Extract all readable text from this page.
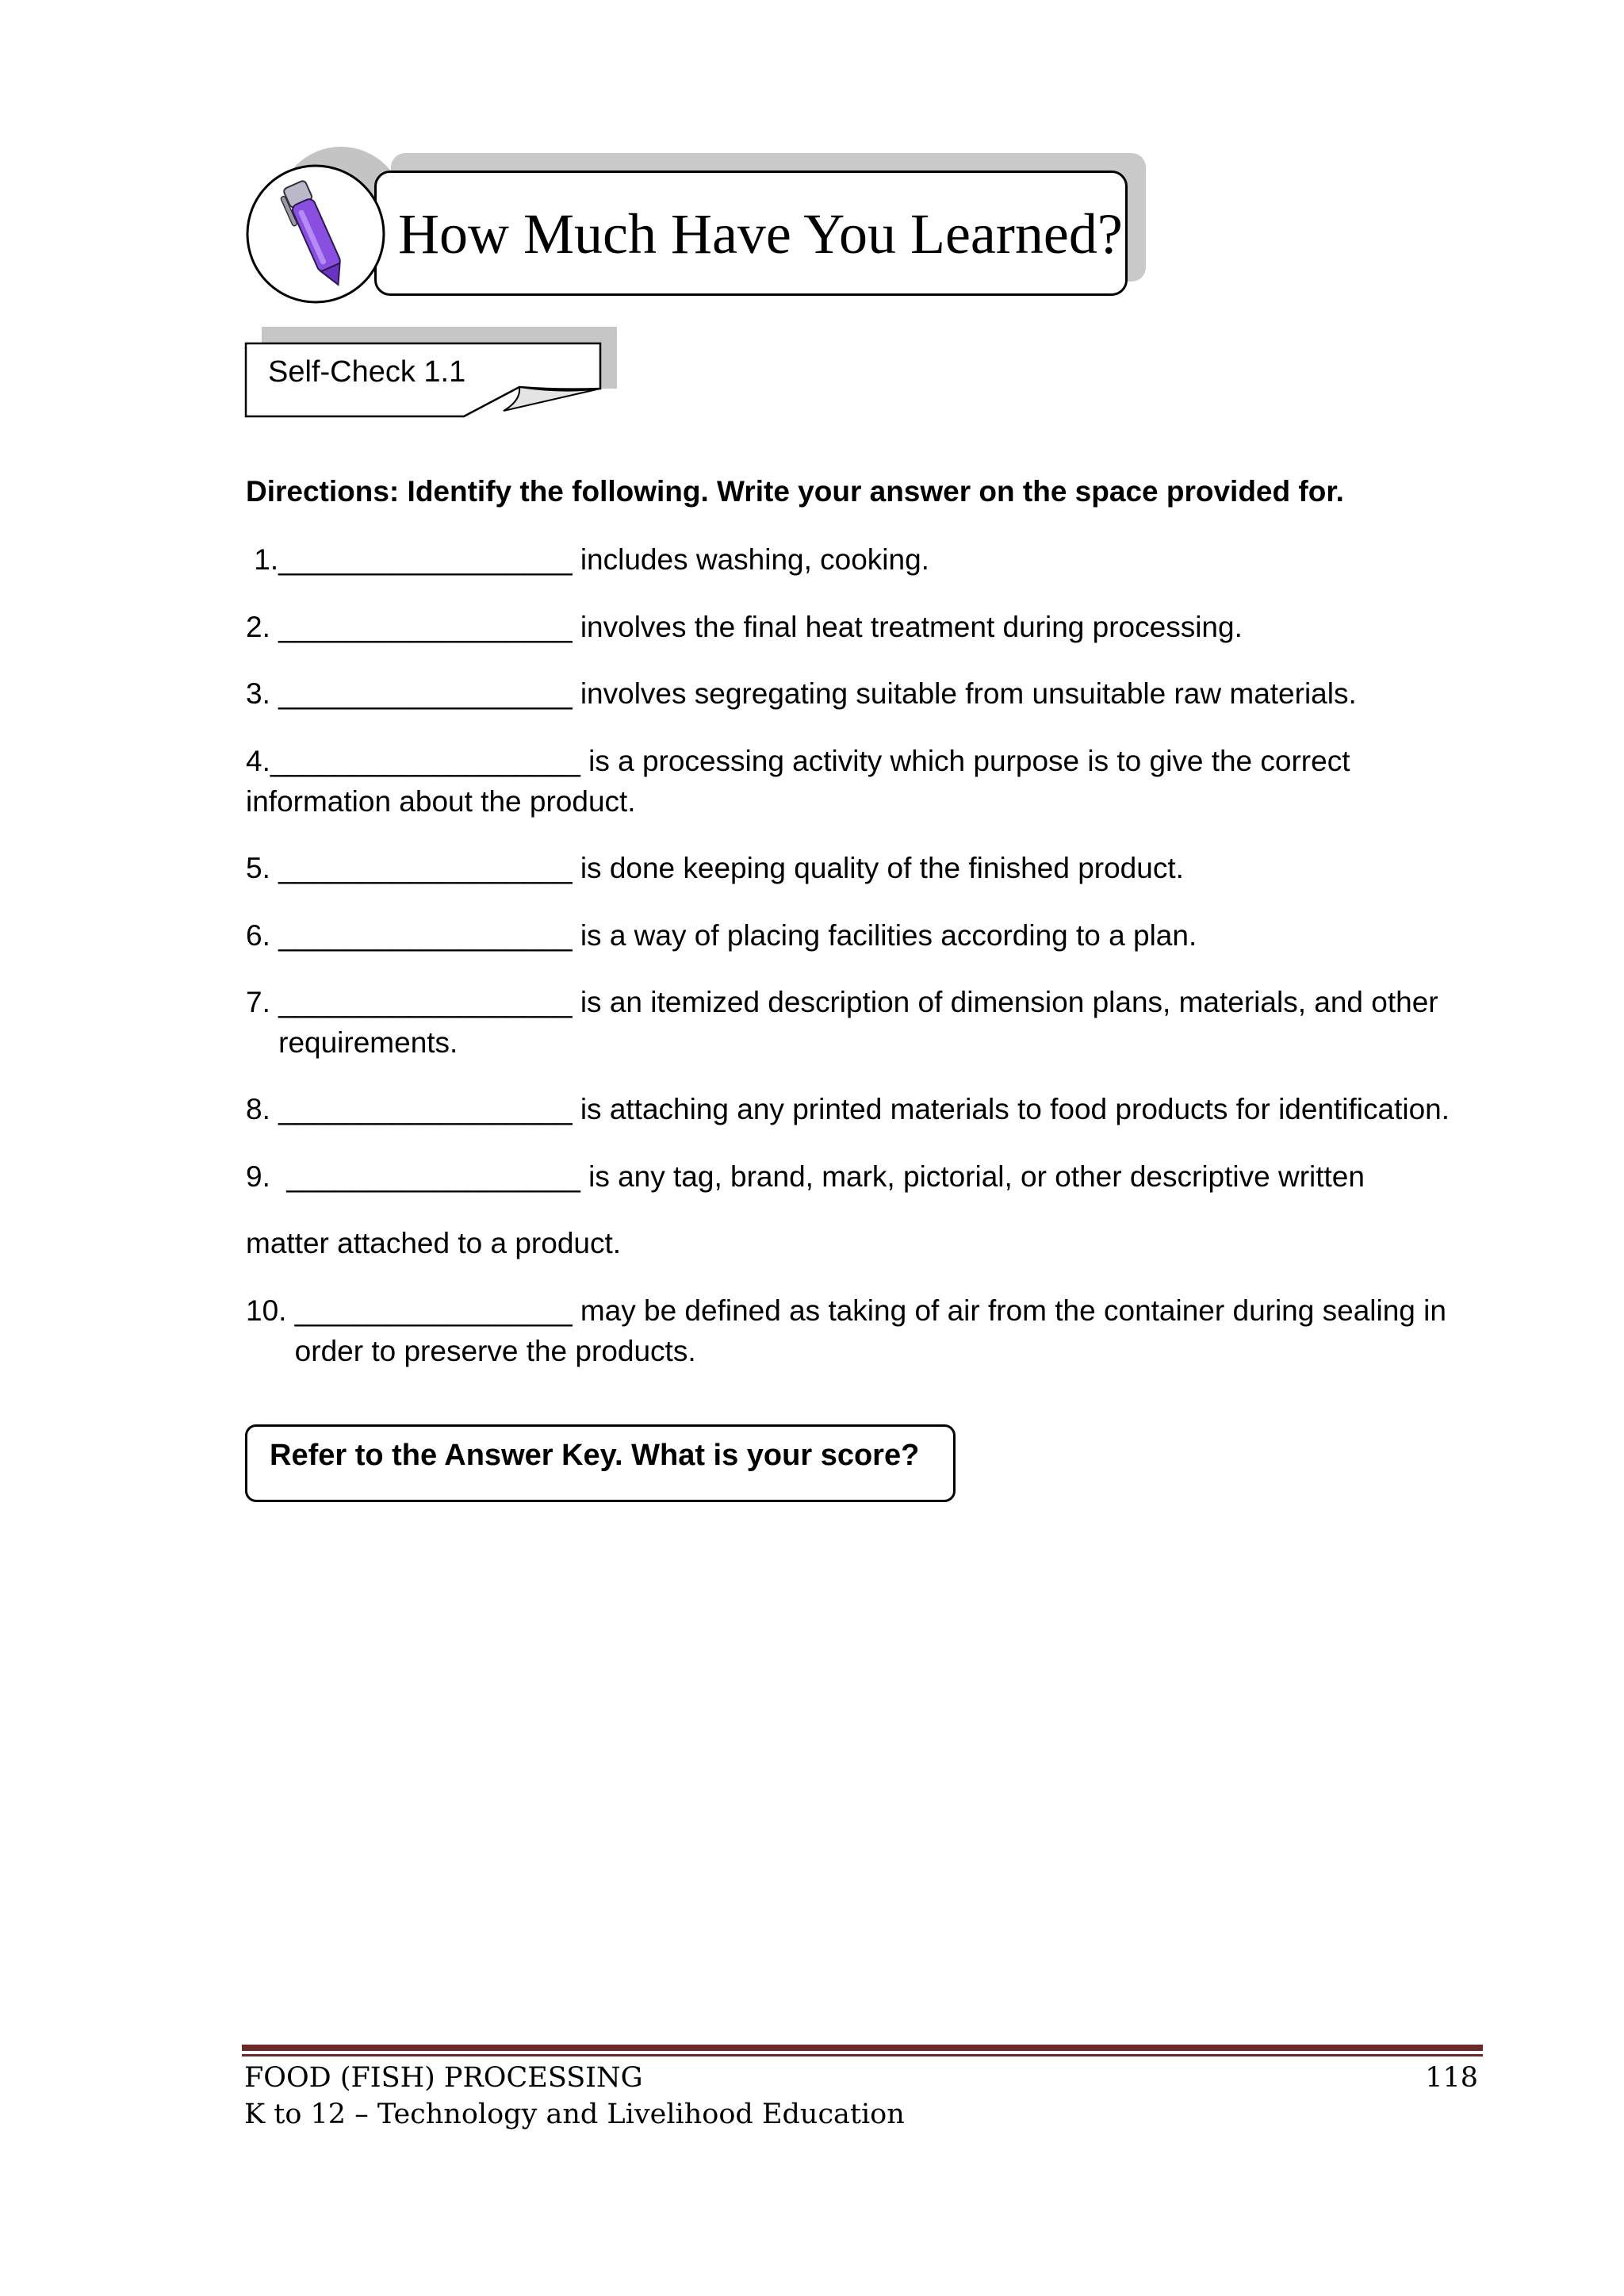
How Much Have You Learned?
Self-Check 1.1
Directions: Identify the following. Write your answer on the space provided for.
1.__________________ includes washing, cooking.
2. __________________ involves the final heat treatment during processing.
3. __________________ involves segregating suitable from unsuitable raw materials.
4.___________________ is a processing activity which purpose is to give the correct
information about the product.
5. __________________ is done keeping quality of the finished product.
6. __________________ is a way of placing facilities according to a plan.
7. __________________ is an itemized description of dimension plans, materials, and other
requirements.
8. __________________ is attaching any printed materials to food products for identification.
9.  __________________ is any tag, brand, mark, pictorial, or other descriptive written
matter attached to a product.
10. _________________ may be defined as taking of air from the container during sealing in
order to preserve the products.
Refer to the Answer Key. What is your score?
FOOD (FISH) PROCESSING
K to 12 – Technology and Livelihood Education
118
